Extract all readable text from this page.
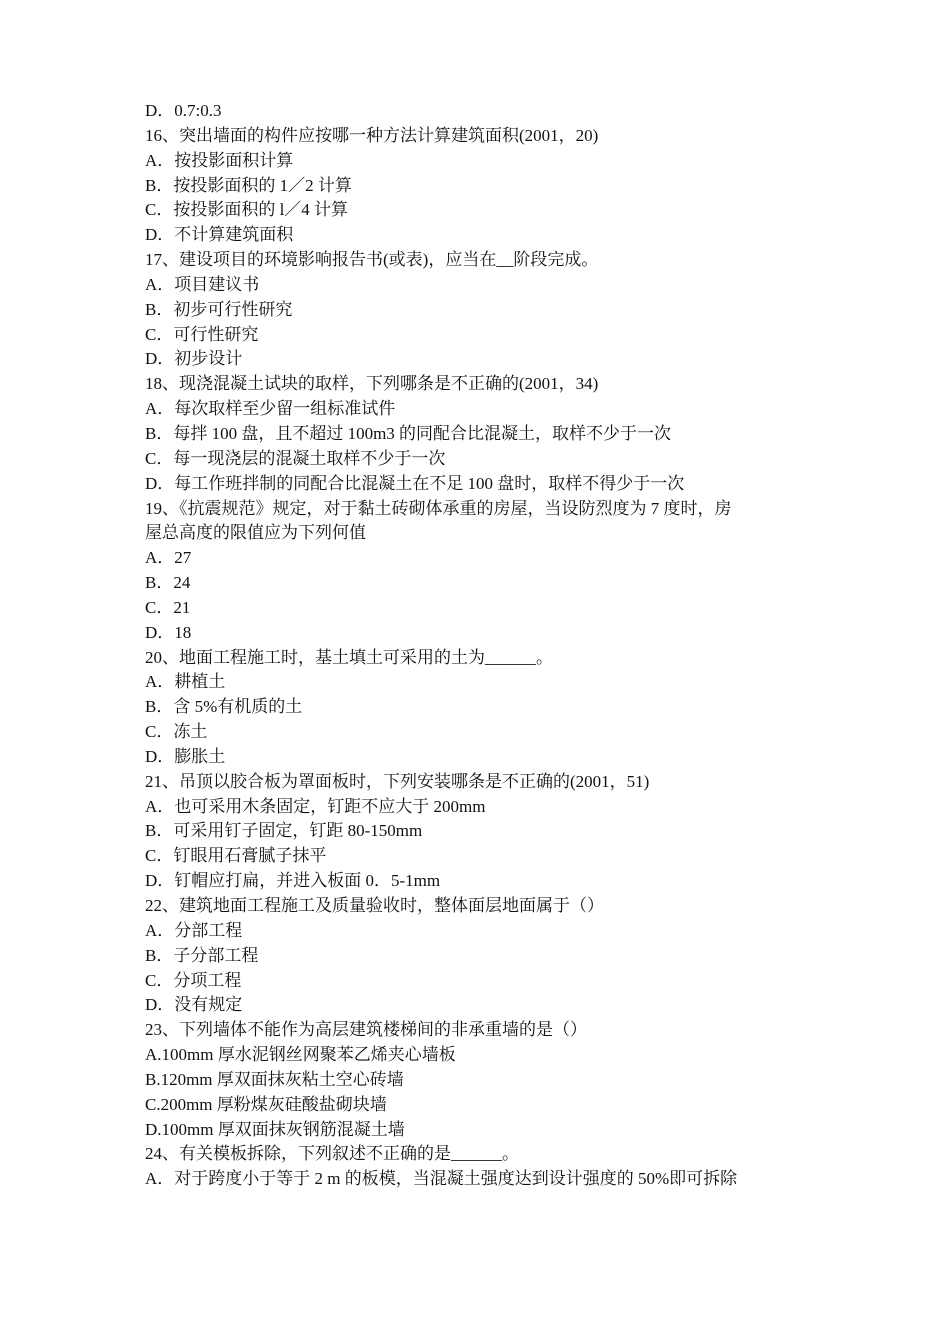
D．0.7:0.3

16、突出墙面的构件应按哪一种方法计算建筑面积(2001，20)

A．按投影面积计算

B．按投影面积的 1／2 计算

C．按投影面积的 l／4 计算

D．不计算建筑面积

17、建设项目的环境影响报告书(或表)，应当在__阶段完成。

A．项目建议书

B．初步可行性研究

C．可行性研究

D．初步设计

18、现浇混凝土试块的取样，下列哪条是不正确的(2001，34)

A．每次取样至少留一组标准试件

B．每拌 100 盘，且不超过 100m3 的同配合比混凝土，取样不少于一次

C．每一现浇层的混凝土取样不少于一次

D．每工作班拌制的同配合比混凝土在不足 100 盘时，取样不得少于一次

19、《抗震规范》规定，对于黏土砖砌体承重的房屋，当设防烈度为 7 度时，房

屋总高度的限值应为下列何值

A．27

B．24

C．21

D．18

20、地面工程施工时，基土填土可采用的土为______。

A．耕植土

B．含 5%有机质的土

C．冻土

D．膨胀土

21、吊顶以胶合板为罩面板时，下列安装哪条是不正确的(2001，51)

A．也可采用木条固定，钉距不应大于 200mm

B．可采用钉子固定，钉距 80-150mm

C．钉眼用石膏腻子抹平

D．钉帽应打扁，并进入板面 0．5-1mm

22、建筑地面工程施工及质量验收时，整体面层地面属于（）

A．分部工程

B．子分部工程

C．分项工程

D．没有规定

23、下列墙体不能作为高层建筑楼梯间的非承重墙的是（）

A.100mm 厚水泥钢丝网聚苯乙烯夹心墙板

B.120mm 厚双面抹灰粘土空心砖墙

C.200mm 厚粉煤灰硅酸盐砌块墙

D.100mm 厚双面抹灰钢筋混凝土墙

24、有关模板拆除，下列叙述不正确的是______。

A．对于跨度小于等于 2 m 的板模，当混凝土强度达到设计强度的 50%即可拆除
